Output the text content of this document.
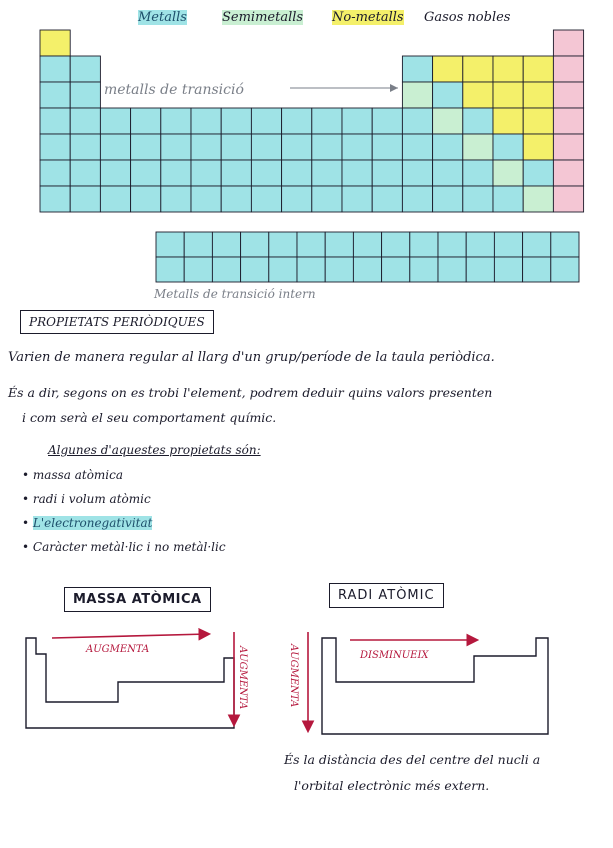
Metalls	Semimetalls No-metalls Gasos nobles
metalls de transició
Metalls de transició intern
PROPIETATS PERIÒDIQUES
Varien de manera regular al llarg d'un grup/període de la taula periòdica.
És a dir, segons on es trobi l'element, podrem deduir quins valors presenten
i com serà el seu comportament químic.
Algunes d'aquestes propietats són:
• massa atòmica
• radi i volum atòmic
• L'electronegativitat
• Caràcter metàl·lic i no metàl·lic
MASSA ATÒMICA	RADI ATÒMIC
AUGMENTA	AUGMENTA	DISMINUEIX
AUGMENTA
És la distància des del centre del nucli a
l'orbital electrònic més extern.
